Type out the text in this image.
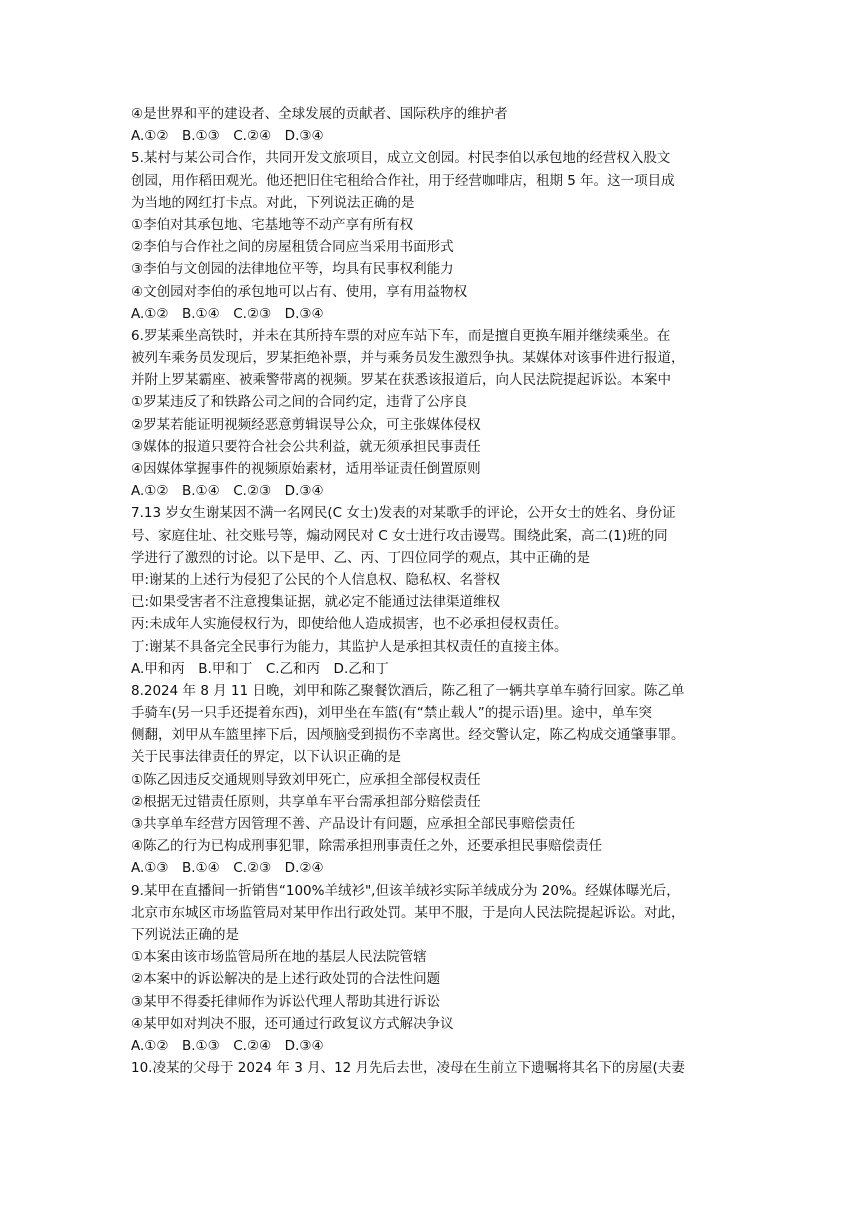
④是世界和平的建设者、全球发展的贡献者、国际秩序的维护者
A.①②　B.①③　C.②④　D.③④
5.某村与某公司合作，共同开发文旅项目，成立文创园。村民李伯以承包地的经营权入股文
创园，用作稻田观光。他还把旧住宅租给合作社，用于经营咖啡店，租期 5 年。这一项目成
为当地的网红打卡点。对此，下列说法正确的是
①李伯对其承包地、宅基地等不动产享有所有权
②李伯与合作社之间的房屋租赁合同应当采用书面形式
③李伯与文创园的法律地位平等，均具有民事权利能力
④文创园对李伯的承包地可以占有、使用，享有用益物权
A.①②　B.①④　C.②③　D.③④
6.罗某乘坐高铁时，并未在其所持车票的对应车站下车，而是擅自更换车厢并继续乘坐。在
被列车乘务员发现后，罗某拒绝补票，并与乘务员发生激烈争执。某媒体对该事件进行报道，
并附上罗某霸座、被乘警带离的视频。罗某在获悉该报道后，向人民法院提起诉讼。本案中
①罗某违反了和铁路公司之间的合同约定，违背了公序良
②罗某若能证明视频经恶意剪辑误导公众，可主张媒体侵权
③媒体的报道只要符合社会公共利益，就无须承担民事责任
④因媒体掌握事件的视频原始素材，适用举证责任倒置原则
A.①②　B.①④　C.②③　D.③④
7.13 岁女生谢某因不满一名网民(C 女士)发表的对某歌手的评论，公开女士的姓名、身份证
号、家庭住址、社交账号等，煽动网民对 C 女士进行攻击谩骂。围绕此案，高二(1)班的同
学进行了激烈的讨论。以下是甲、乙、丙、丁四位同学的观点，其中正确的是
甲:谢某的上述行为侵犯了公民的个人信息权、隐私权、名誉权
已:如果受害者不注意搜集证据，就必定不能通过法律渠道维权
丙:未成年人实施侵权行为，即使给他人造成损害，也不必承担侵权责任。
丁:谢某不具备完全民事行为能力，其监护人是承担其权责任的直接主体。
A.甲和丙　B.甲和丁　C.乙和丙　D.乙和丁
8.2024 年 8 月 11 日晚，刘甲和陈乙聚餐饮酒后，陈乙租了一辆共享单车骑行回家。陈乙单
手骑车(另一只手还提着东西)，刘甲坐在车篮(有“禁止载人”的提示语)里。途中，单车突
侧翻，刘甲从车篮里摔下后，因颅脑受到损伤不幸离世。经交警认定，陈乙构成交通肇事罪。
关于民事法律责任的界定，以下认识正确的是
①陈乙因违反交通规则导致刘甲死亡，应承担全部侵权责任
②根据无过错责任原则，共享单车平台需承担部分赔偿责任
③共享单车经营方因管理不善、产品设计有问题，应承担全部民事赔偿责任
④陈乙的行为已构成刑事犯罪，除需承担刑事责任之外，还要承担民事赔偿责任
A.①③　B.①④　C.②③　D.②④
9.某甲在直播间一折销售“100%羊绒衫",但该羊绒衫实际羊绒成分为 20%。经媒体曝光后，
北京市东城区市场监管局对某甲作出行政处罚。某甲不服，于是向人民法院提起诉讼。对此，
下列说法正确的是
①本案由该市场监管局所在地的基层人民法院管辖
②本案中的诉讼解决的是上述行政处罚的合法性问题
③某甲不得委托律师作为诉讼代理人帮助其进行诉讼
④某甲如对判决不服，还可通过行政复议方式解决争议
A.①②　B.①③　C.②④　D.③④
10.凌某的父母于 2024 年 3 月、12 月先后去世，凌母在生前立下遗嘱将其名下的房屋(夫妻
